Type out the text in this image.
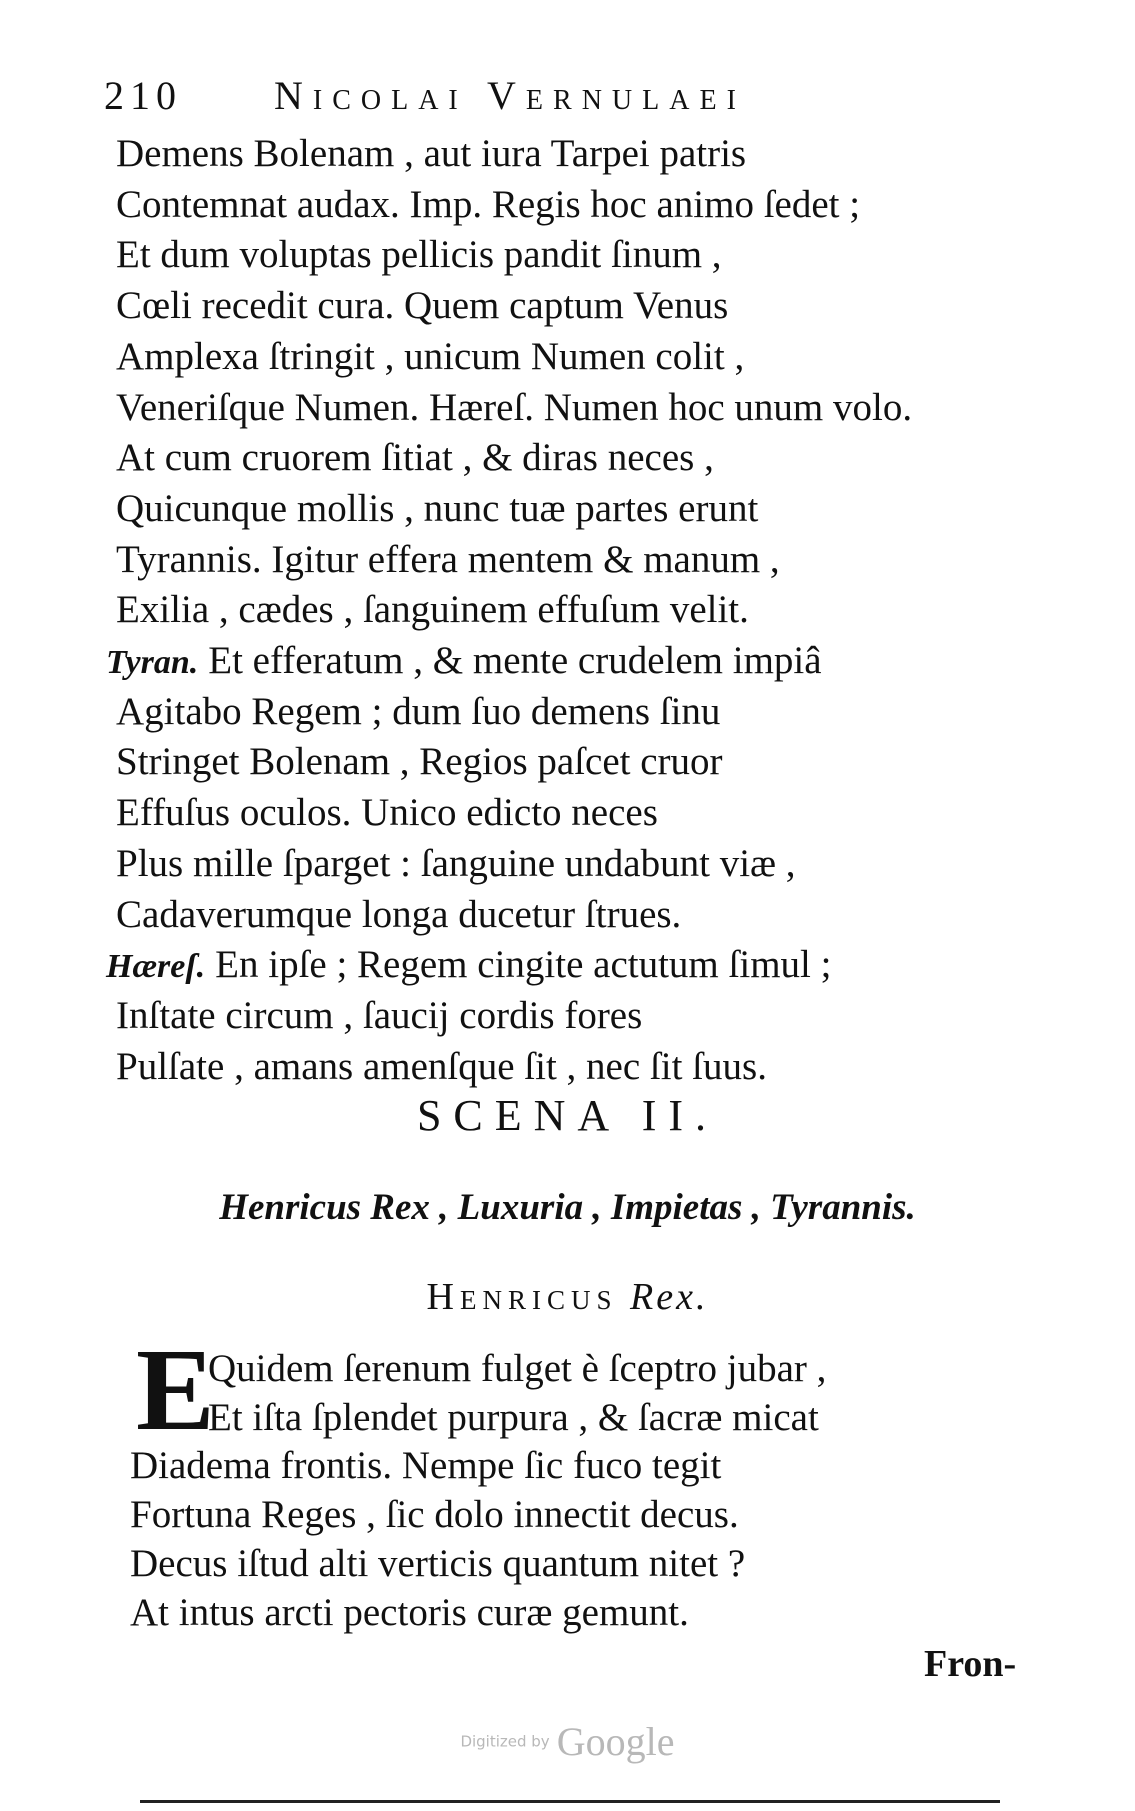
210 Nicolai Vernulaei
Demens Bolenam , aut iura Tarpei patris
Contemnat audax. Imp. Regis hoc animo ſedet ;
Et dum voluptas pellicis pandit ſinum ,
Cœli recedit cura. Quem captum Venus
Amplexa ſtringit , unicum Numen colit ,
Veneriſque Numen. Hæreſ. Numen hoc unum volo.
At cum cruorem ſitiat , & diras neces ,
Quicunque mollis , nunc tuæ partes erunt
Tyrannis. Igitur effera mentem & manum ,
Exilia , cædes , ſanguinem effuſum velit.
Tyran. Et efferatum , & mente crudelem impiâ
Agitabo Regem ; dum ſuo demens ſinu
Stringet Bolenam , Regios paſcet cruor
Effuſus oculos. Unico edicto neces
Plus mille ſparget : ſanguine undabunt viæ ,
Cadaverumque longa ducetur ſtrues.
Hæreſ. En ipſe ; Regem cingite actutum ſimul ;
Inſtate circum , ſaucij cordis fores
Pulſate , amans amenſque ſit , nec ſit ſuus.
SCENA II.
Henricus Rex , Luxuria , Impietas , Tyrannis.
Henricus Rex.
E
Quidem ſerenum fulget è ſceptro jubar ,
Et iſta ſplendet purpura , & ſacræ micat
Diadema frontis. Nempe ſic fuco tegit
Fortuna Reges , ſic dolo innectit decus.
Decus iſtud alti verticis quantum nitet ?
At intus arcti pectoris curæ gemunt.
Fron-
Digitized by Google
